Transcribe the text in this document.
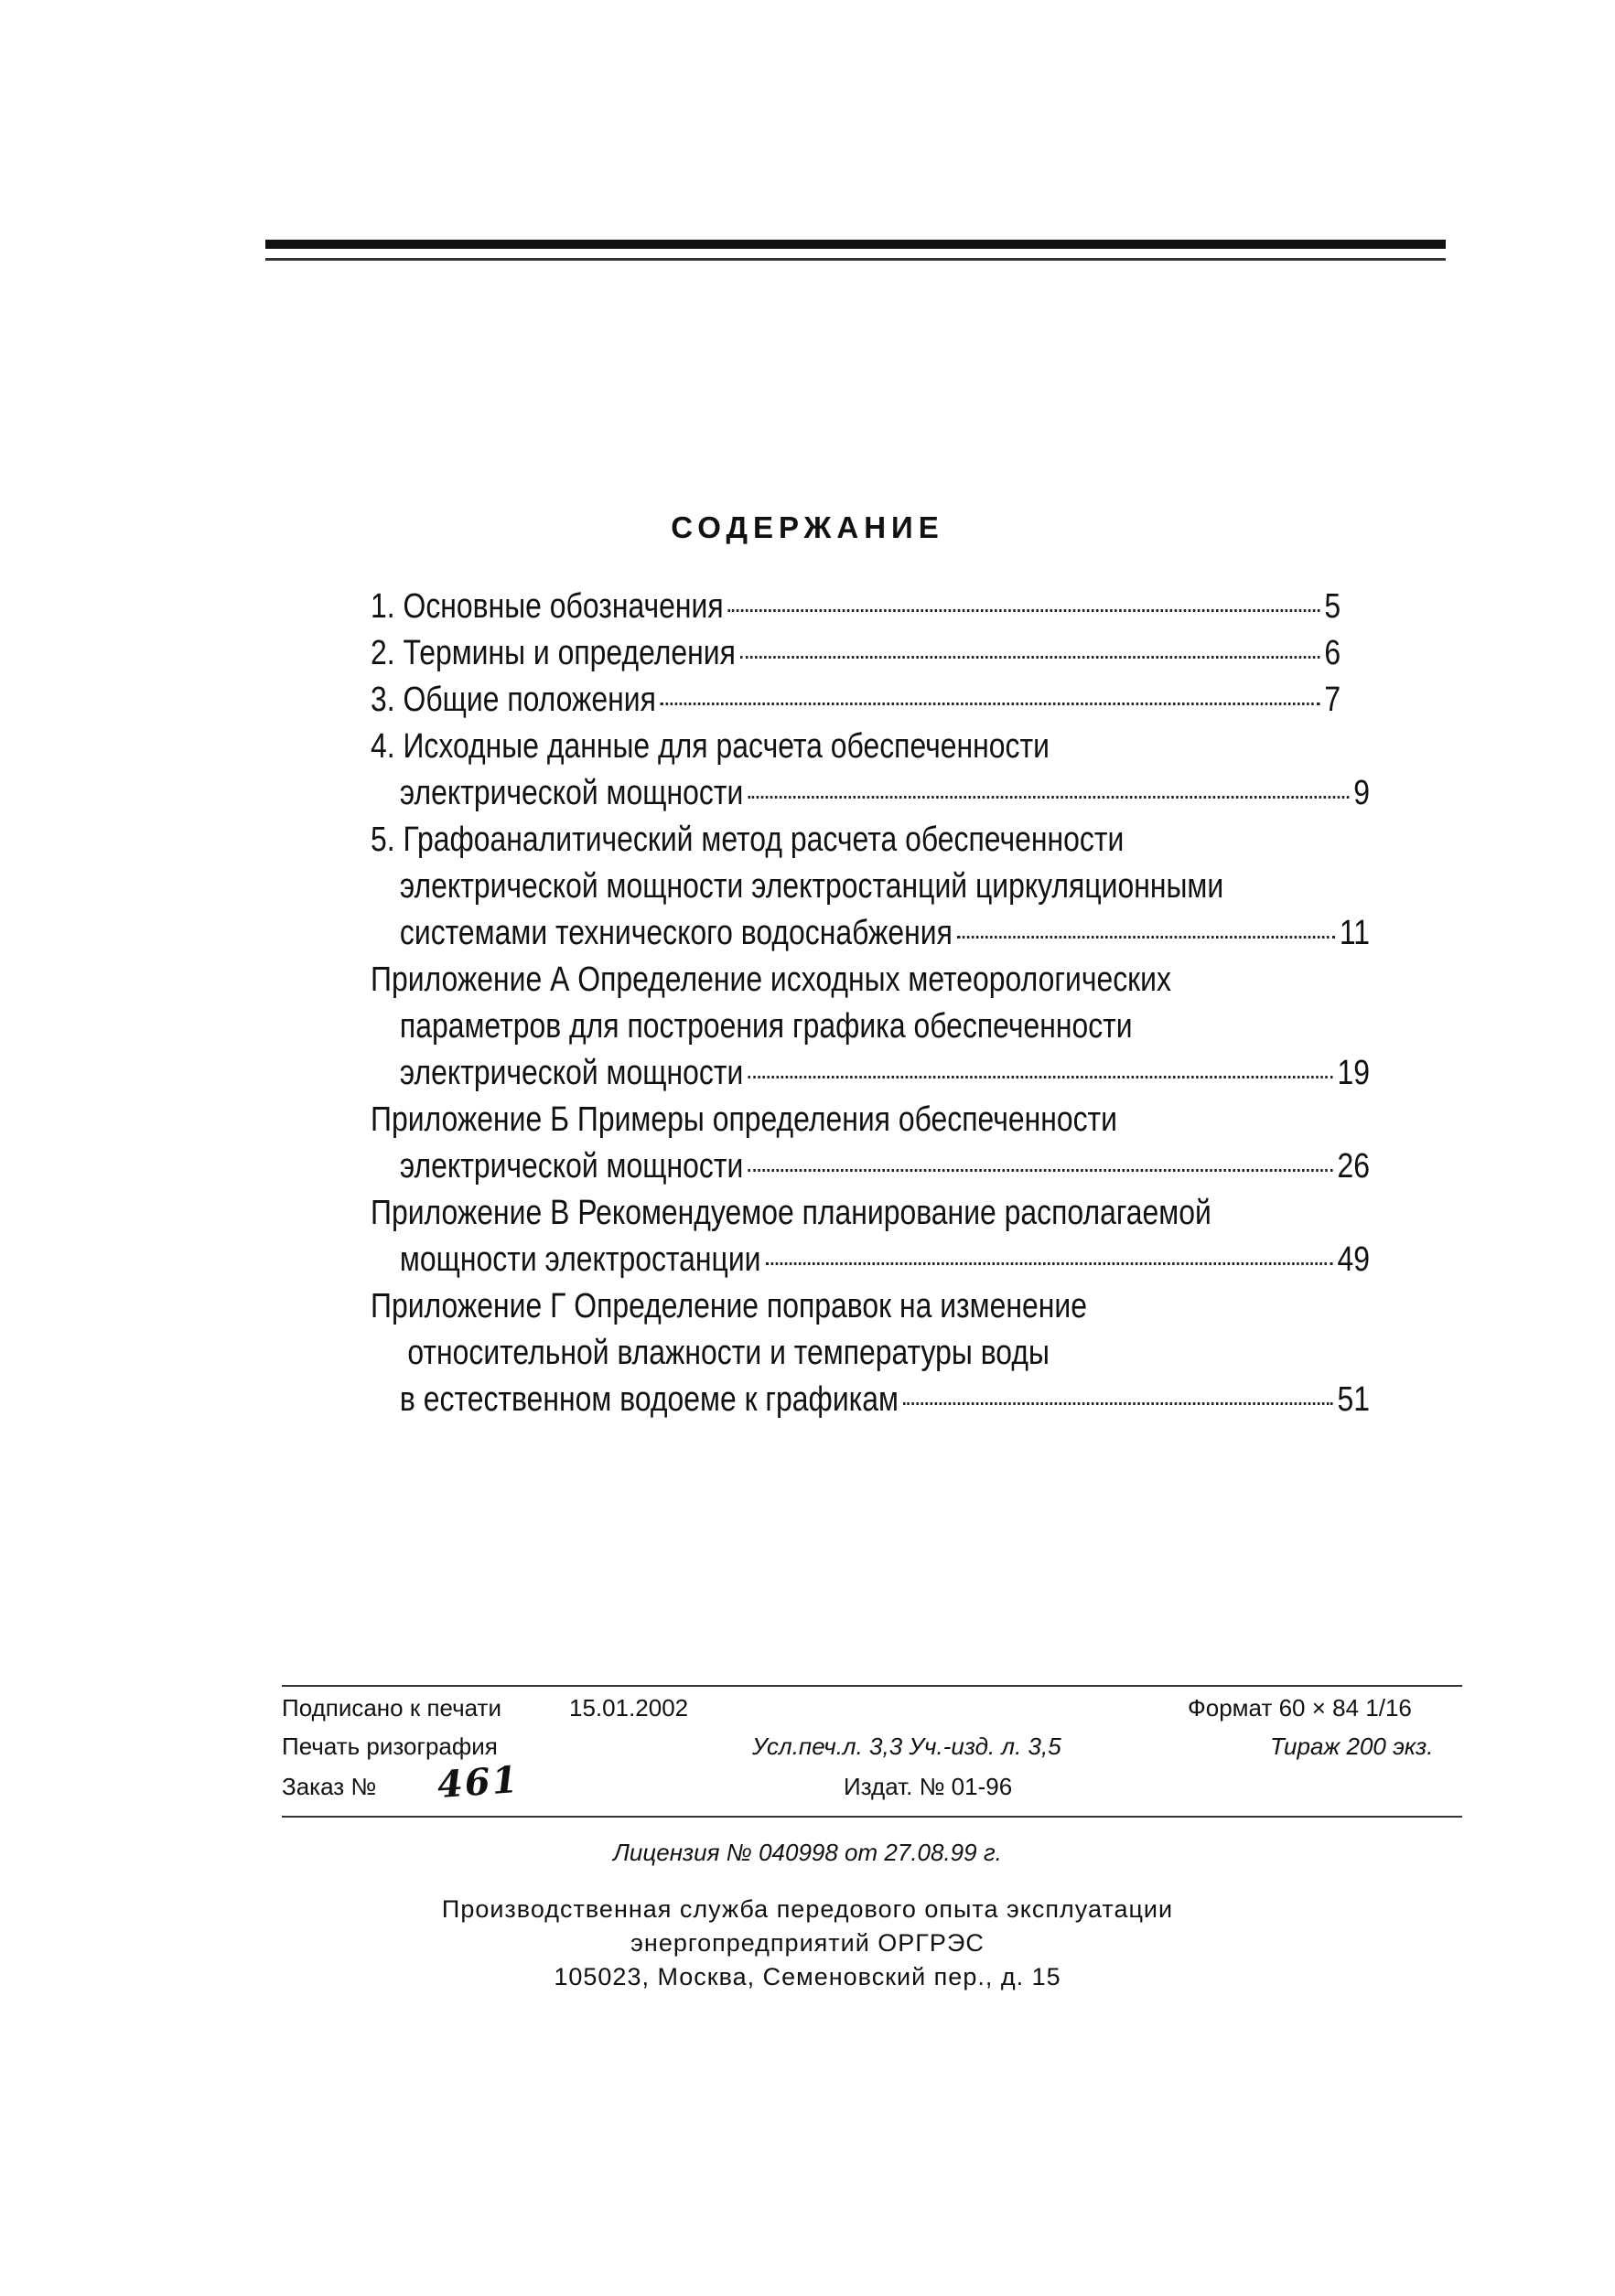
СОДЕРЖАНИЕ
1. Основные обозначения	5
2. Термины и определения	6
3. Общие положения	7
4. Исходные данные для расчета обеспеченности
электрической мощности	9
5. Графоаналитический метод расчета обеспеченности
электрической мощности электростанций циркуляционными
системами технического водоснабжения	11
Приложение А Определение исходных метеорологических
параметров для построения графика обеспеченности
электрической мощности	19
Приложение Б Примеры определения обеспеченности
электрической мощности	26
Приложение В Рекомендуемое планирование располагаемой
мощности электростанции	49
Приложение Г Определение поправок на изменение
относительной влажности и температуры воды
в естественном водоеме к графикам	51
Подписано к печати	15.01.2002	Формат 60 × 84 1/16
Печать ризография	Усл.печ.л. 3,3 Уч.-изд. л. 3,5	Тираж 200 экз.
Заказ № 461	Издат. № 01-96
Лицензия № 040998 от 27.08.99 г.
Производственная служба передового опыта эксплуатации
энергопредприятий ОРГРЭС
105023, Москва, Семеновский пер., д. 15
